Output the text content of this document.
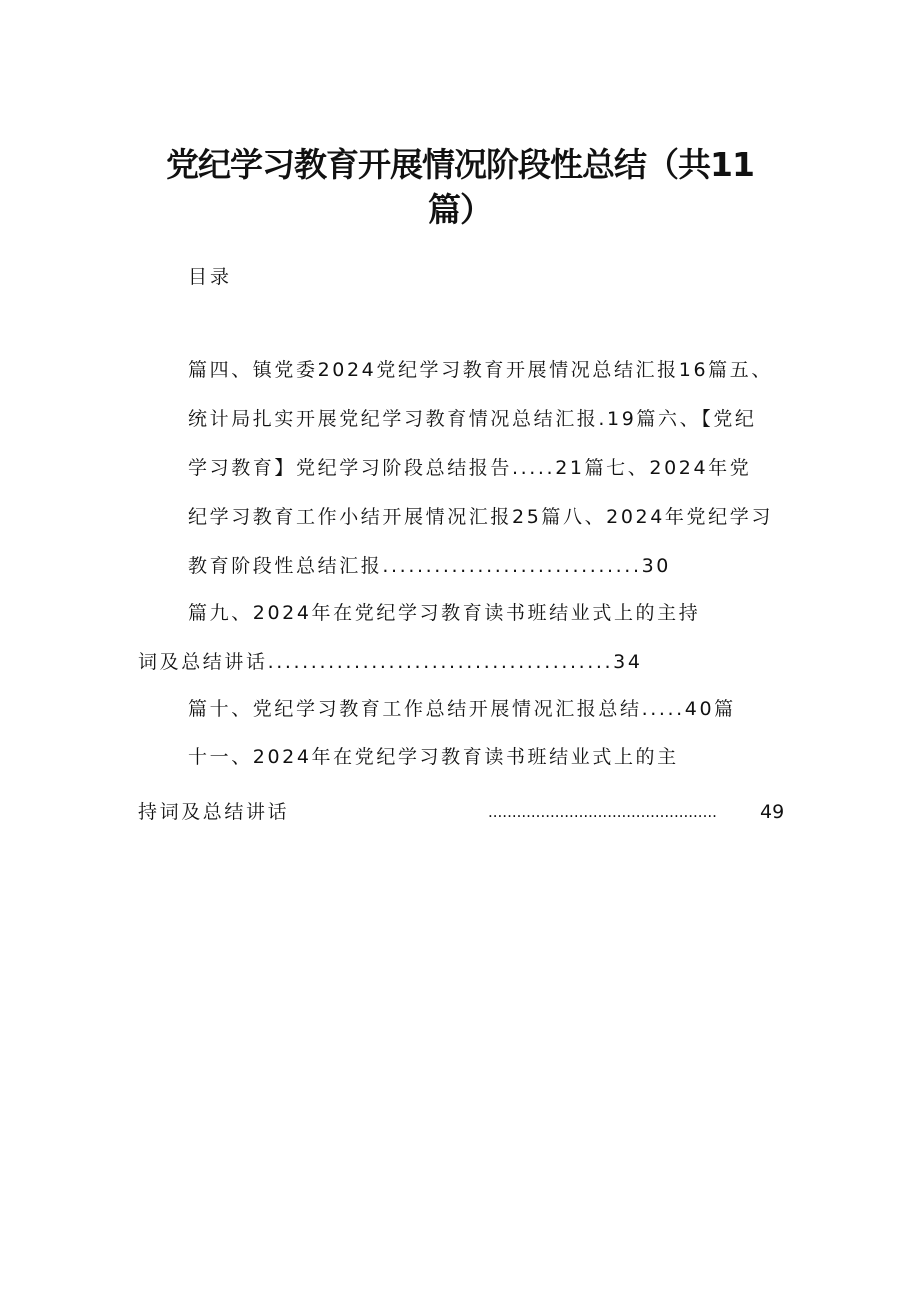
党纪学习教育开展情况阶段性总结（共11
篇）
目录
篇四、镇党委2024党纪学习教育开展情况总结汇报16篇五、
统计局扎实开展党纪学习教育情况总结汇报.19篇六、【党纪
学习教育】党纪学习阶段总结报告.....21篇七、2024年党
纪学习教育工作小结开展情况汇报25篇八、2024年党纪学习
教育阶段性总结汇报..............................30
篇九、2024年在党纪学习教育读书班结业式上的主持
词及总结讲话........................................34
篇十、党纪学习教育工作总结开展情况汇报总结.....40篇
十一、2024年在党纪学习教育读书班结业式上的主
持词及总结讲话	................................................ 49
